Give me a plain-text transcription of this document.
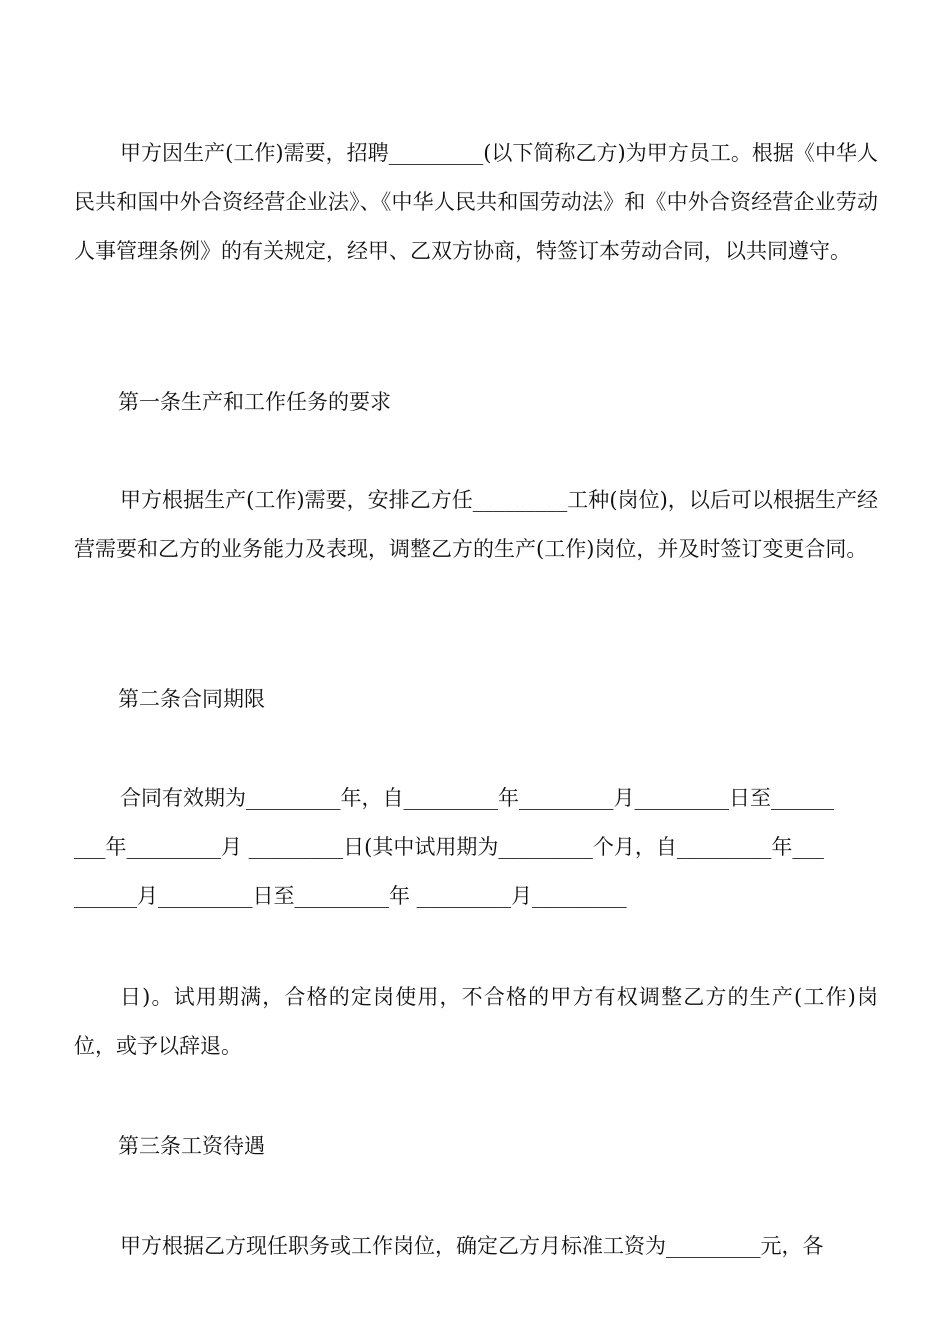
甲方因生产(工作)需要，招聘_________(以下简称乙方)为甲方员工。根据《中华人民共和国中外合资经营企业法》、《中华人民共和国劳动法》和《中外合资经营企业劳动人事管理条例》的有关规定，经甲、乙双方协商，特签订本劳动合同，以共同遵守。

第一条生产和工作任务的要求

甲方根据生产(工作)需要，安排乙方任_________工种(岗位)，以后可以根据生产经营需要和乙方的业务能力及表现，调整乙方的生产(工作)岗位，并及时签订变更合同。

第二条合同期限

合同有效期为_________年，自_________年_________月_________日至______
___年_________月 _________日(其中试用期为_________个月，自_________年___
______月_________日至_________年 _________月_________

日)。试用期满，合格的定岗使用，不合格的甲方有权调整乙方的生产(工作)岗位，或予以辞退。

第三条工资待遇

甲方根据乙方现任职务或工作岗位，确定乙方月标准工资为_________元，各
